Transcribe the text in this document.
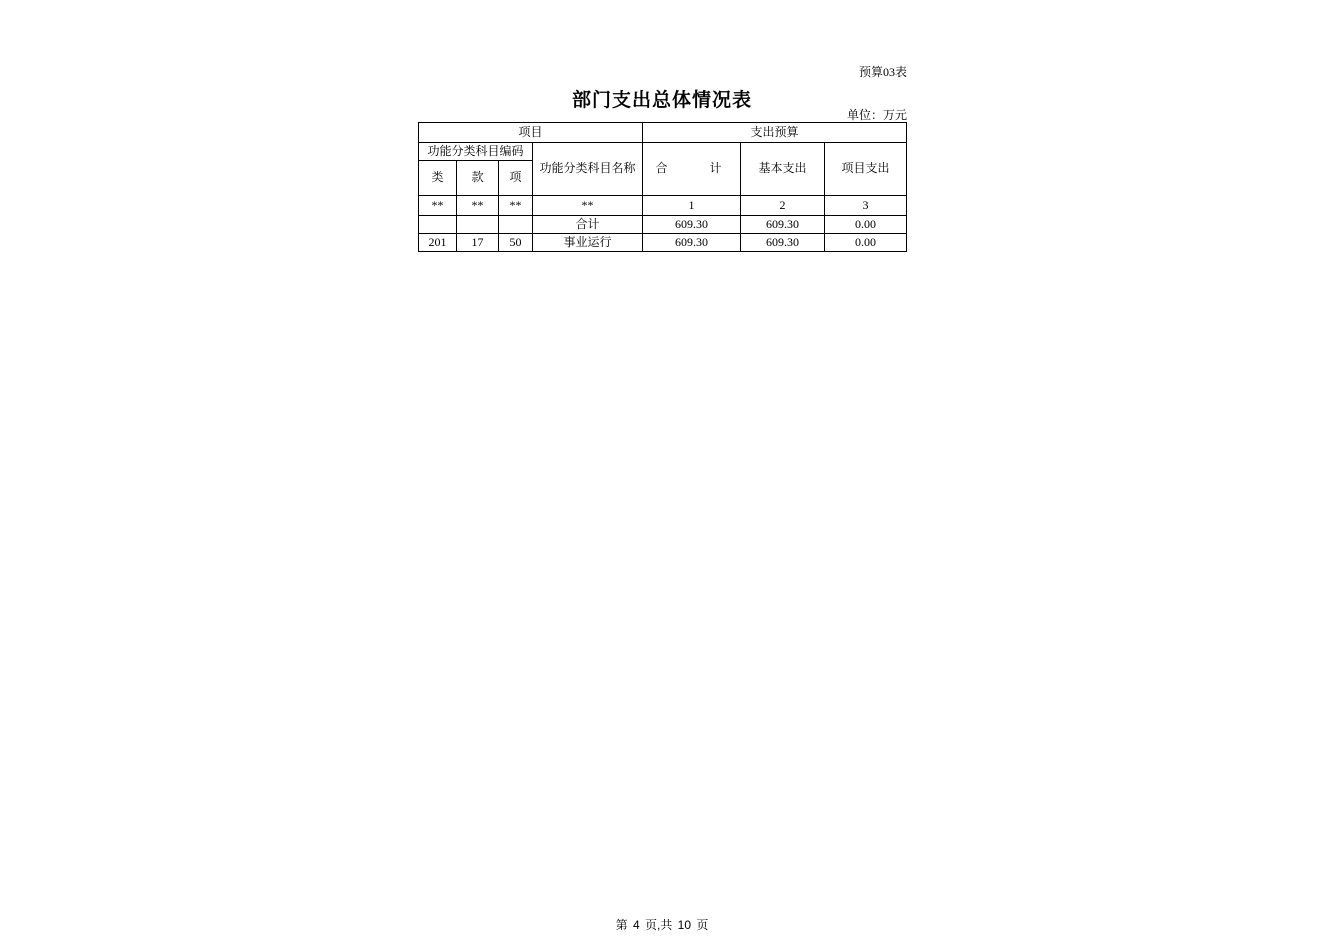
预算03表
部门支出总体情况表
单位：万元
项目				支出预算		
功能分类科目编码			功能分类科目名称	合　　计	基本支出	项目支出
类	款	项				
**	**	**	**	1	2	3
			合计	609.30	609.30	0.00
201	17	50	事业运行	609.30	609.30	0.00
第 4 页,共 10 页
